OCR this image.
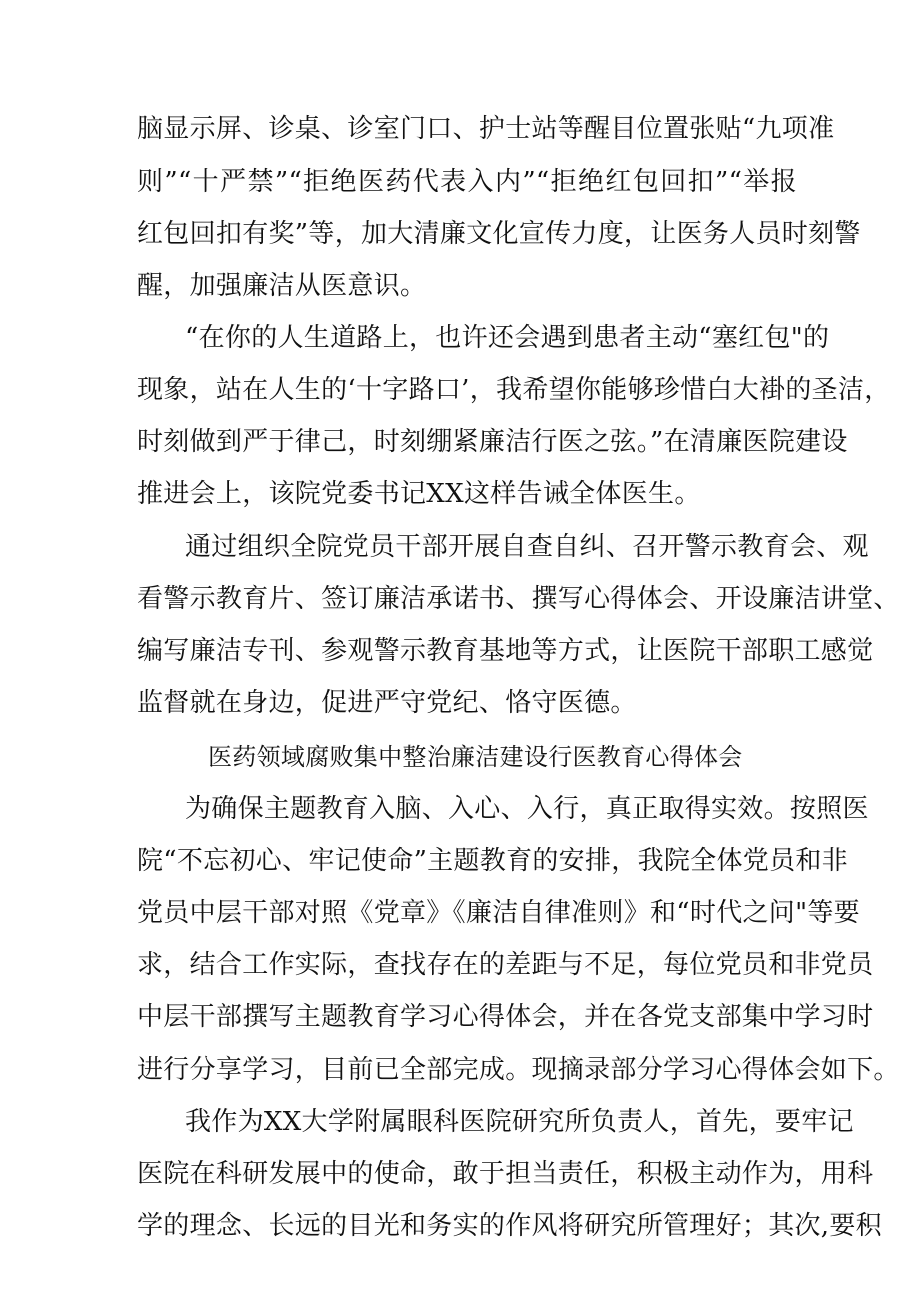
脑显示屏、诊桌、诊室门口、护士站等醒目位置张贴“九项准
则”“十严禁”“拒绝医药代表入内”“拒绝红包回扣”“举报
红包回扣有奖”等，加大清廉文化宣传力度，让医务人员时刻警
醒，加强廉洁从医意识。
“在你的人生道路上，也许还会遇到患者主动“塞红包"的
现象，站在人生的‘十字路口’，我希望你能够珍惜白大褂的圣洁，
时刻做到严于律己，时刻绷紧廉洁行医之弦。”在清廉医院建设
推进会上，该院党委书记XX这样告诫全体医生。
通过组织全院党员干部开展自查自纠、召开警示教育会、观
看警示教育片、签订廉洁承诺书、撰写心得体会、开设廉洁讲堂、
编写廉洁专刊、参观警示教育基地等方式，让医院干部职工感觉
监督就在身边，促进严守党纪、恪守医德。
医药领域腐败集中整治廉洁建设行医教育心得体会
为确保主题教育入脑、入心、入行，真正取得实效。按照医
院“不忘初心、牢记使命”主题教育的安排，我院全体党员和非
党员中层干部对照《党章》《廉洁自律准则》和“时代之问"等要
求，结合工作实际，查找存在的差距与不足，每位党员和非党员
中层干部撰写主题教育学习心得体会，并在各党支部集中学习时
进行分享学习，目前已全部完成。现摘录部分学习心得体会如下。
我作为XX大学附属眼科医院研究所负责人，首先，要牢记
医院在科研发展中的使命，敢于担当责任，积极主动作为，用科
学的理念、长远的目光和务实的作风将研究所管理好；其次,要积
